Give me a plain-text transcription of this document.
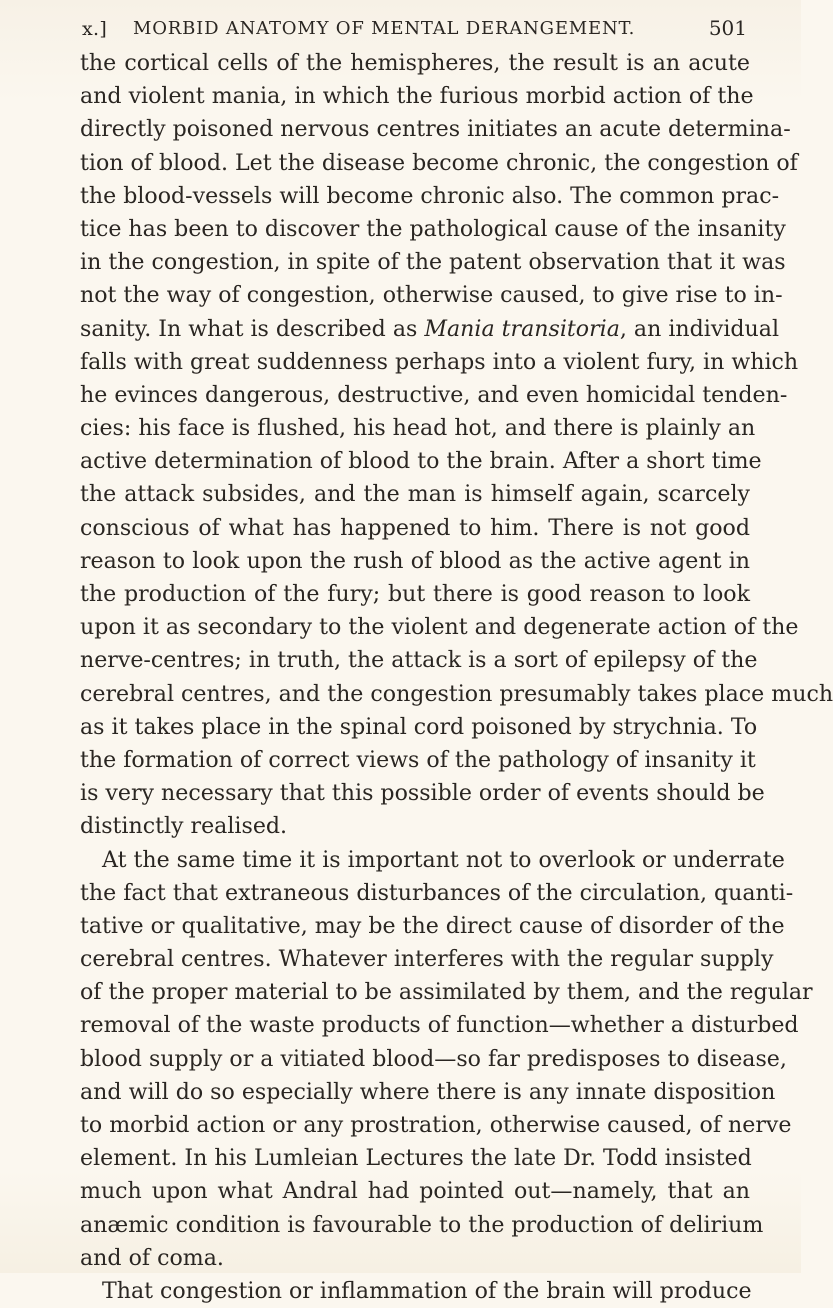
x.] MORBID ANATOMY OF MENTAL DERANGEMENT.	501
the cortical cells of the hemispheres, the result is an acute
and violent mania, in which the furious morbid action of the
directly poisoned nervous centres initiates an acute determina-
tion of blood. Let the disease become chronic, the congestion of
the blood-vessels will become chronic also. The common prac-
tice has been to discover the pathological cause of the insanity
in the congestion, in spite of the patent observation that it was
not the way of congestion, otherwise caused, to give rise to in-
sanity. In what is described as Mania transitoria, an individual
falls with great suddenness perhaps into a violent fury, in which
he evinces dangerous, destructive, and even homicidal tenden-
cies: his face is flushed, his head hot, and there is plainly an
active determination of blood to the brain. After a short time
the attack subsides, and the man is himself again, scarcely
conscious of what has happened to him. There is not good
reason to look upon the rush of blood as the active agent in
the production of the fury; but there is good reason to look
upon it as secondary to the violent and degenerate action of the
nerve-centres; in truth, the attack is a sort of epilepsy of the
cerebral centres, and the congestion presumably takes place much
as it takes place in the spinal cord poisoned by strychnia. To
the formation of correct views of the pathology of insanity it
is very necessary that this possible order of events should be
distinctly realised.
At the same time it is important not to overlook or underrate
the fact that extraneous disturbances of the circulation, quanti-
tative or qualitative, may be the direct cause of disorder of the
cerebral centres. Whatever interferes with the regular supply
of the proper material to be assimilated by them, and the regular
removal of the waste products of function—whether a disturbed
blood supply or a vitiated blood—so far predisposes to disease,
and will do so especially where there is any innate disposition
to morbid action or any prostration, otherwise caused, of nerve
element. In his Lumleian Lectures the late Dr. Todd insisted
much upon what Andral had pointed out—namely, that an
anæmic condition is favourable to the production of delirium
and of coma.
That congestion or inflammation of the brain will produce
